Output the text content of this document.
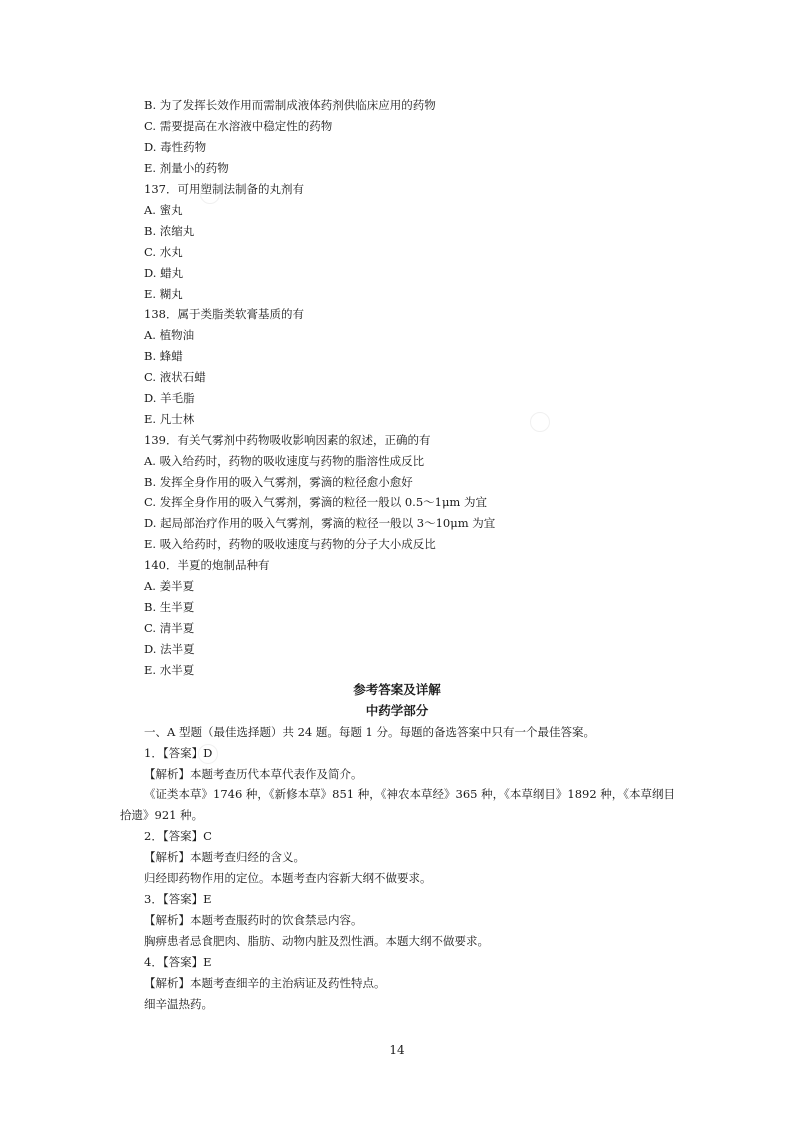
B. 为了发挥长效作用而需制成液体药剂供临床应用的药物
C. 需要提高在水溶液中稳定性的药物
D. 毒性药物
E. 剂量小的药物
137．可用塑制法制备的丸剂有
A. 蜜丸
B. 浓缩丸
C. 水丸
D. 蜡丸
E. 糊丸
138．属于类脂类软膏基质的有
A. 植物油
B. 蜂蜡
C. 液状石蜡
D. 羊毛脂
E. 凡士林
139．有关气雾剂中药物吸收影响因素的叙述，正确的有
A. 吸入给药时，药物的吸收速度与药物的脂溶性成反比
B. 发挥全身作用的吸入气雾剂，雾滴的粒径愈小愈好
C. 发挥全身作用的吸入气雾剂，雾滴的粒径一般以 0.5～1μm 为宜
D. 起局部治疗作用的吸入气雾剂，雾滴的粒径一般以 3～10μm 为宜
E. 吸入给药时，药物的吸收速度与药物的分子大小成反比
140．半夏的炮制品种有
A. 姜半夏
B. 生半夏
C. 清半夏
D. 法半夏
E. 水半夏
参考答案及详解
中药学部分
一、A 型题（最佳选择题）共 24 题。每题 1 分。每题的备选答案中只有一个最佳答案。
1．【答案】D
【解析】本题考查历代本草代表作及简介。
《证类本草》1746 种，《新修本草》851 种，《神农本草经》365 种，《本草纲目》1892 种，《本草纲目
拾遗》921 种。
2．【答案】C
【解析】本题考查归经的含义。
归经即药物作用的定位。本题考查内容新大纲不做要求。
3．【答案】E
【解析】本题考查服药时的饮食禁忌内容。
胸痹患者忌食肥肉、脂肪、动物内脏及烈性酒。本题大纲不做要求。
4．【答案】E
【解析】本题考查细辛的主治病证及药性特点。
细辛温热药。
14
